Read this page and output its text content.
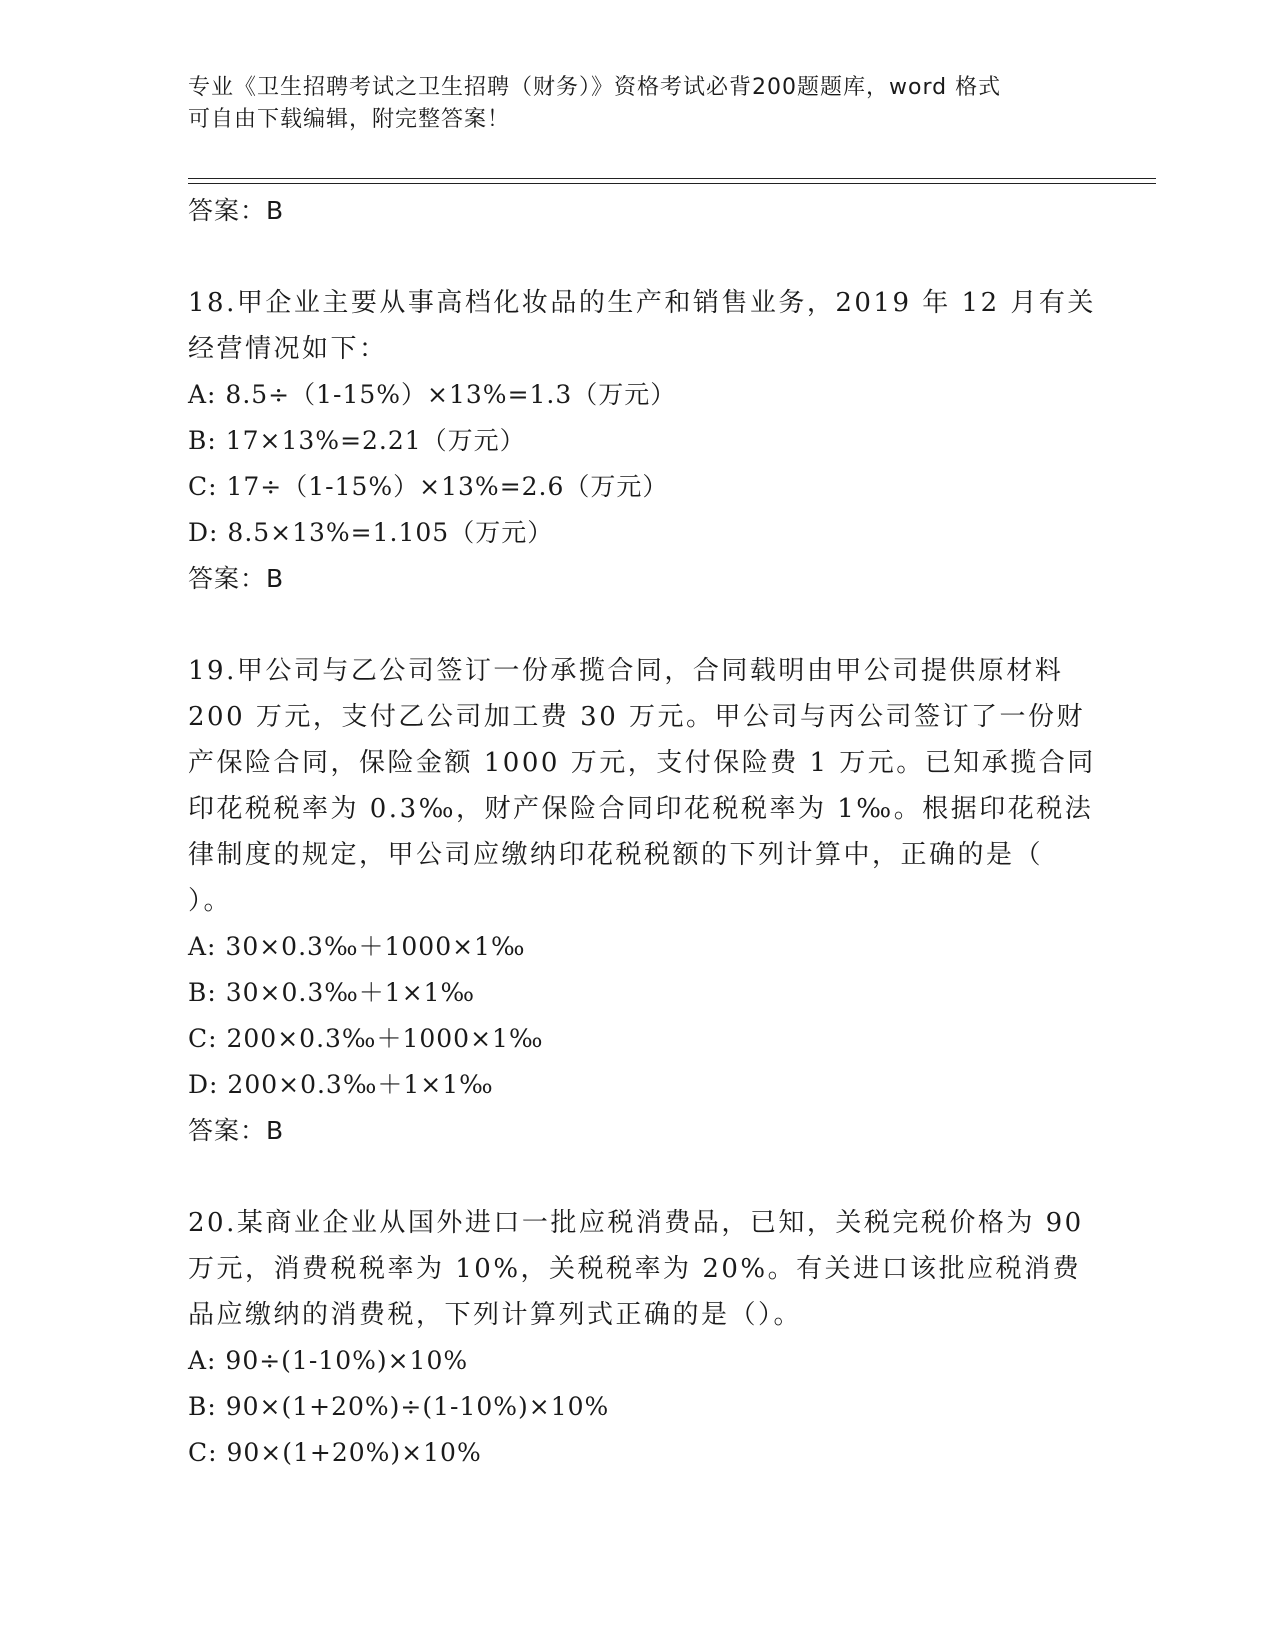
专业《卫生招聘考试之卫生招聘（财务）》资格考试必背200题题库，word 格式
可自由下载编辑，附完整答案！
答案：B
18.甲企业主要从事高档化妆品的生产和销售业务，2019 年 12 月有关
经营情况如下：
A: 8.5÷（1-15%）×13%=1.3（万元）
B: 17×13%=2.21（万元）
C: 17÷（1-15%）×13%=2.6（万元）
D: 8.5×13%=1.105（万元）
答案：B
19.甲公司与乙公司签订一份承揽合同，合同载明由甲公司提供原材料
200 万元，支付乙公司加工费 30 万元。甲公司与丙公司签订了一份财
产保险合同，保险金额 1000 万元，支付保险费 1 万元。已知承揽合同
印花税税率为 0.3‰，财产保险合同印花税税率为 1‰。根据印花税法
律制度的规定，甲公司应缴纳印花税税额的下列计算中，正确的是（
）。
A: 30×0.3‰＋1000×1‰
B: 30×0.3‰＋1×1‰
C: 200×0.3‰＋1000×1‰
D: 200×0.3‰＋1×1‰
答案：B
20.某商业企业从国外进口一批应税消费品，已知，关税完税价格为 90
万元，消费税税率为 10%，关税税率为 20%。有关进口该批应税消费
品应缴纳的消费税，下列计算列式正确的是（）。
A: 90÷(1-10%)×10%
B: 90×(1+20%)÷(1-10%)×10%
C: 90×(1+20%)×10%
